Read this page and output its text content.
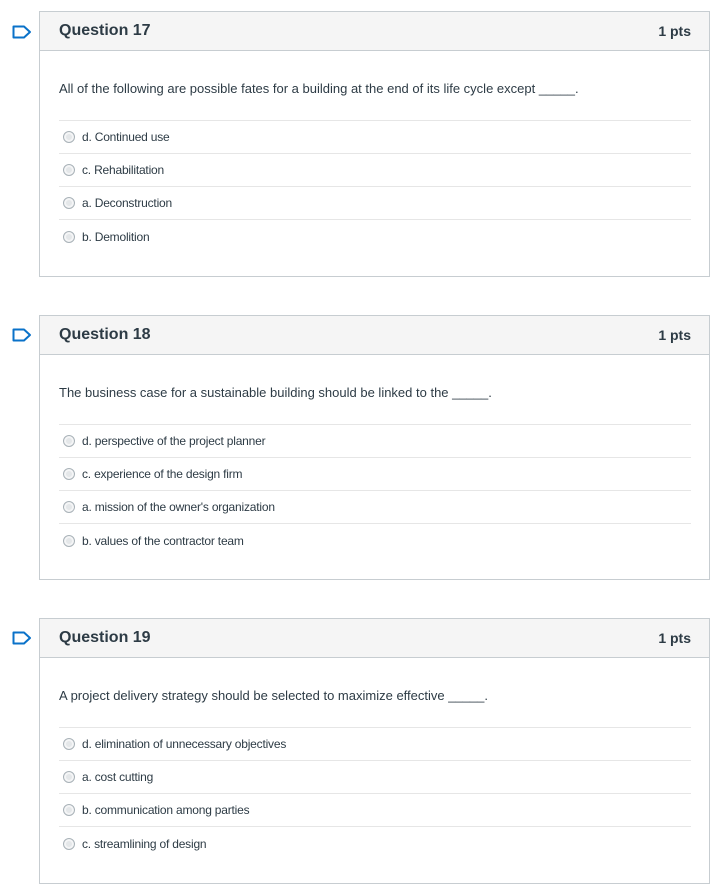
Question 17	1 pts
All of the following are possible fates for a building at the end of its life cycle except _____.
d. Continued use
c. Rehabilitation
a. Deconstruction
b. Demolition
Question 18	1 pts
The business case for a sustainable building should be linked to the _____.
d. perspective of the project planner
c. experience of the design firm
a. mission of the owner's organization
b. values of the contractor team
Question 19	1 pts
A project delivery strategy should be selected to maximize effective _____.
d. elimination of unnecessary objectives
a. cost cutting
b. communication among parties
c. streamlining of design
